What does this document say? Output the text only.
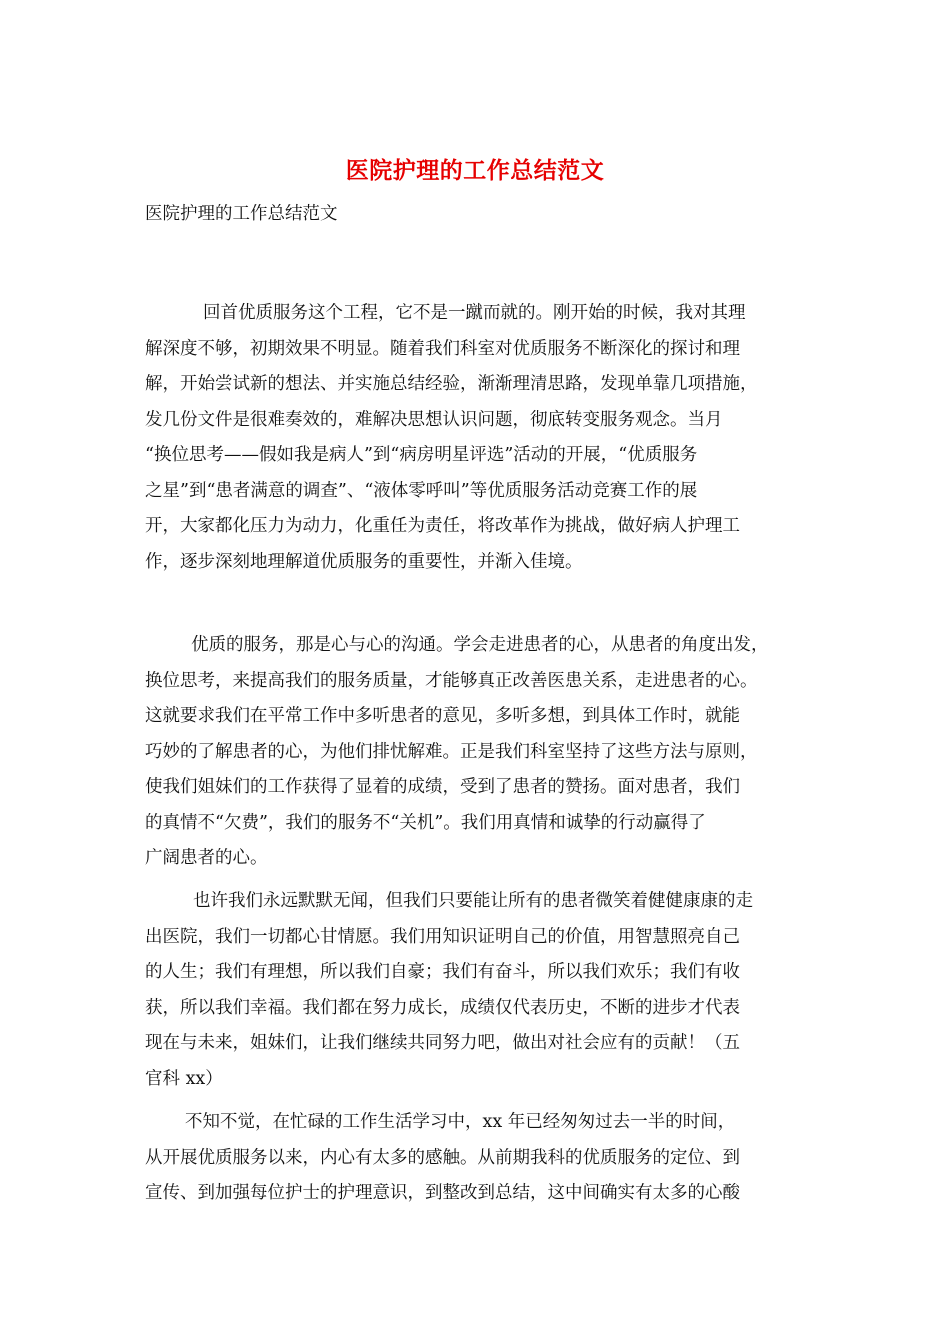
医院护理的工作总结范文
医院护理的工作总结范文
回首优质服务这个工程，它不是一蹴而就的。刚开始的时候，我对其理
解深度不够，初期效果不明显。随着我们科室对优质服务不断深化的探讨和理
解，开始尝试新的想法、并实施总结经验，渐渐理清思路，发现单靠几项措施，
发几份文件是很难奏效的，难解决思想认识问题，彻底转变服务观念。当月
“换位思考——假如我是病人”到“病房明星评选”活动的开展，“优质服务
之星”到“患者满意的调查”、“液体零呼叫”等优质服务活动竞赛工作的展
开，大家都化压力为动力，化重任为责任，将改革作为挑战，做好病人护理工
作，逐步深刻地理解道优质服务的重要性，并渐入佳境。
优质的服务，那是心与心的沟通。学会走进患者的心，从患者的角度出发，
换位思考，来提高我们的服务质量，才能够真正改善医患关系，走进患者的心。
这就要求我们在平常工作中多听患者的意见，多听多想，到具体工作时，就能
巧妙的了解患者的心，为他们排忧解难。正是我们科室坚持了这些方法与原则，
使我们姐妹们的工作获得了显着的成绩，受到了患者的赞扬。面对患者，我们
的真情不“欠费”，我们的服务不“关机”。我们用真情和诚挚的行动赢得了
广阔患者的心。
也许我们永远默默无闻，但我们只要能让所有的患者微笑着健健康康的走
出医院，我们一切都心甘情愿。我们用知识证明自己的价值，用智慧照亮自己
的人生；我们有理想，所以我们自豪；我们有奋斗，所以我们欢乐；我们有收
获，所以我们幸福。我们都在努力成长，成绩仅代表历史，不断的进步才代表
现在与未来，姐妹们，让我们继续共同努力吧，做出对社会应有的贡献！（五
官科 xx）
不知不觉，在忙碌的工作生活学习中，xx 年已经匆匆过去一半的时间，
从开展优质服务以来，内心有太多的感触。从前期我科的优质服务的定位、到
宣传、到加强每位护士的护理意识，到整改到总结，这中间确实有太多的心酸
